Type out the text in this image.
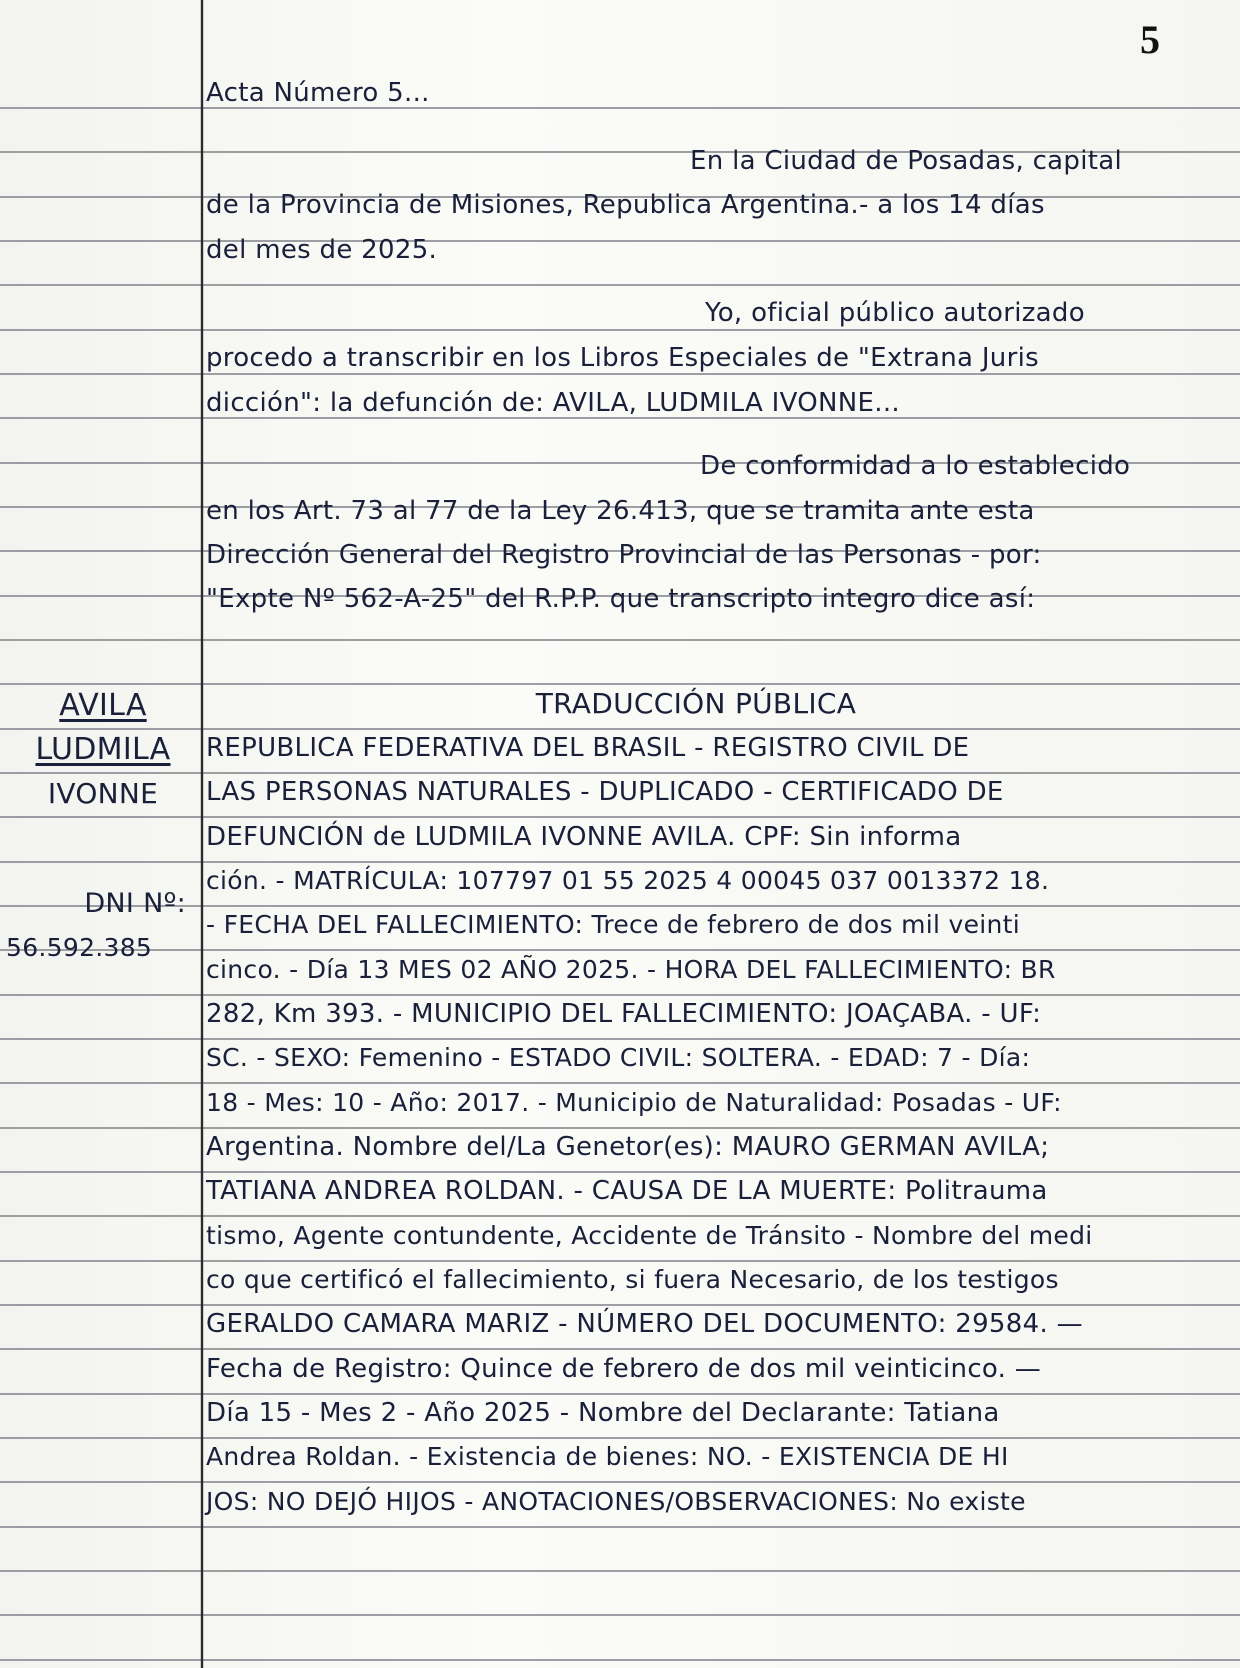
5
Acta Número 5...
En la Ciudad de Posadas, capital
de la Provincia de Misiones, Republica Argentina.- a los 14 días
del mes de 2025.
Yo, oficial público autorizado
procedo a transcribir en los Libros Especiales de "Extrana Juris
dicción": la defunción de: AVILA, LUDMILA IVONNE...
De conformidad a lo establecido
en los Art. 73 al 77 de la Ley 26.413, que se tramita ante esta
Dirección General del Registro Provincial de las Personas - por:
"Expte Nº 562-A-25" del R.P.P. que transcripto integro dice así:
TRADUCCIÓN PÚBLICA
AVILA
LUDMILA
IVONNE
DNI Nº:
56.592.385
REPUBLICA FEDERATIVA DEL BRASIL - REGISTRO CIVIL DE
LAS PERSONAS NATURALES - DUPLICADO - CERTIFICADO DE
DEFUNCIÓN de LUDMILA IVONNE AVILA. CPF: Sin informa
ción. - MATRÍCULA: 107797 01 55 2025 4 00045 037 0013372 18.
- FECHA DEL FALLECIMIENTO: Trece de febrero de dos mil veinti
cinco. - Día 13 MES 02 AÑO 2025. - HORA DEL FALLECIMIENTO: BR
282, Km 393. - MUNICIPIO DEL FALLECIMIENTO: JOAÇABA. - UF:
SC. - SEXO: Femenino - ESTADO CIVIL: SOLTERA. - EDAD: 7 - Día:
18 - Mes: 10 - Año: 2017. - Municipio de Naturalidad: Posadas - UF:
Argentina. Nombre del/La Genetor(es): MAURO GERMAN AVILA;
TATIANA ANDREA ROLDAN. - CAUSA DE LA MUERTE: Politrauma
tismo, Agente contundente, Accidente de Tránsito - Nombre del medi
co que certificó el fallecimiento, si fuera Necesario, de los testigos
GERALDO CAMARA MARIZ - NÚMERO DEL DOCUMENTO: 29584. —
Fecha de Registro: Quince de febrero de dos mil veinticinco. —
Día 15 - Mes 2 - Año 2025 - Nombre del Declarante: Tatiana
Andrea Roldan. - Existencia de bienes: NO. - EXISTENCIA DE HI
JOS: NO DEJÓ HIJOS - ANOTACIONES/OBSERVACIONES: No existe
